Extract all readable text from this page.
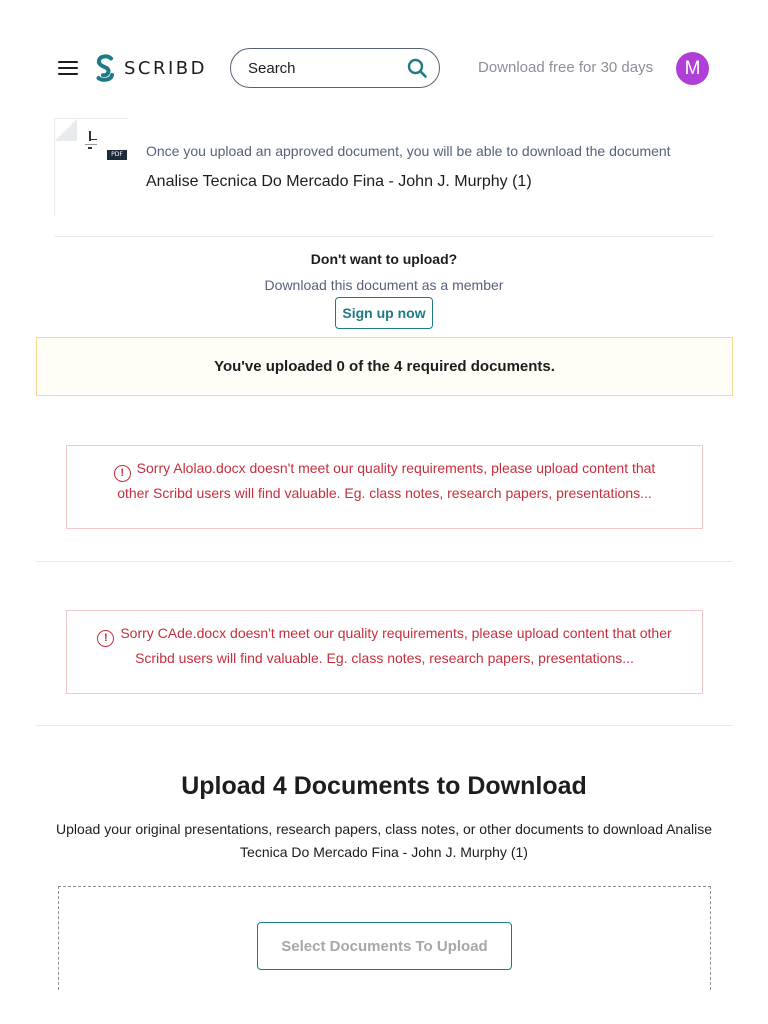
SCRIBD
Search	Download free for 30 days	M
PDF Once you upload an approved document, you will be able to download the document
Analise Tecnica Do Mercado Fina - John J. Murphy (1)
Don't want to upload?
Download this document as a member
Sign up now
You've uploaded 0 of the 4 required documents.
! Sorry Alolao.docx doesn't meet our quality requirements, please upload content that other Scribd users will find valuable. Eg. class notes, research papers, presentations...
! Sorry CAde.docx doesn't meet our quality requirements, please upload content that other Scribd users will find valuable. Eg. class notes, research papers, presentations...
Upload 4 Documents to Download
Upload your original presentations, research papers, class notes, or other documents to download Analise Tecnica Do Mercado Fina - John J. Murphy (1)
Select Documents To Upload
